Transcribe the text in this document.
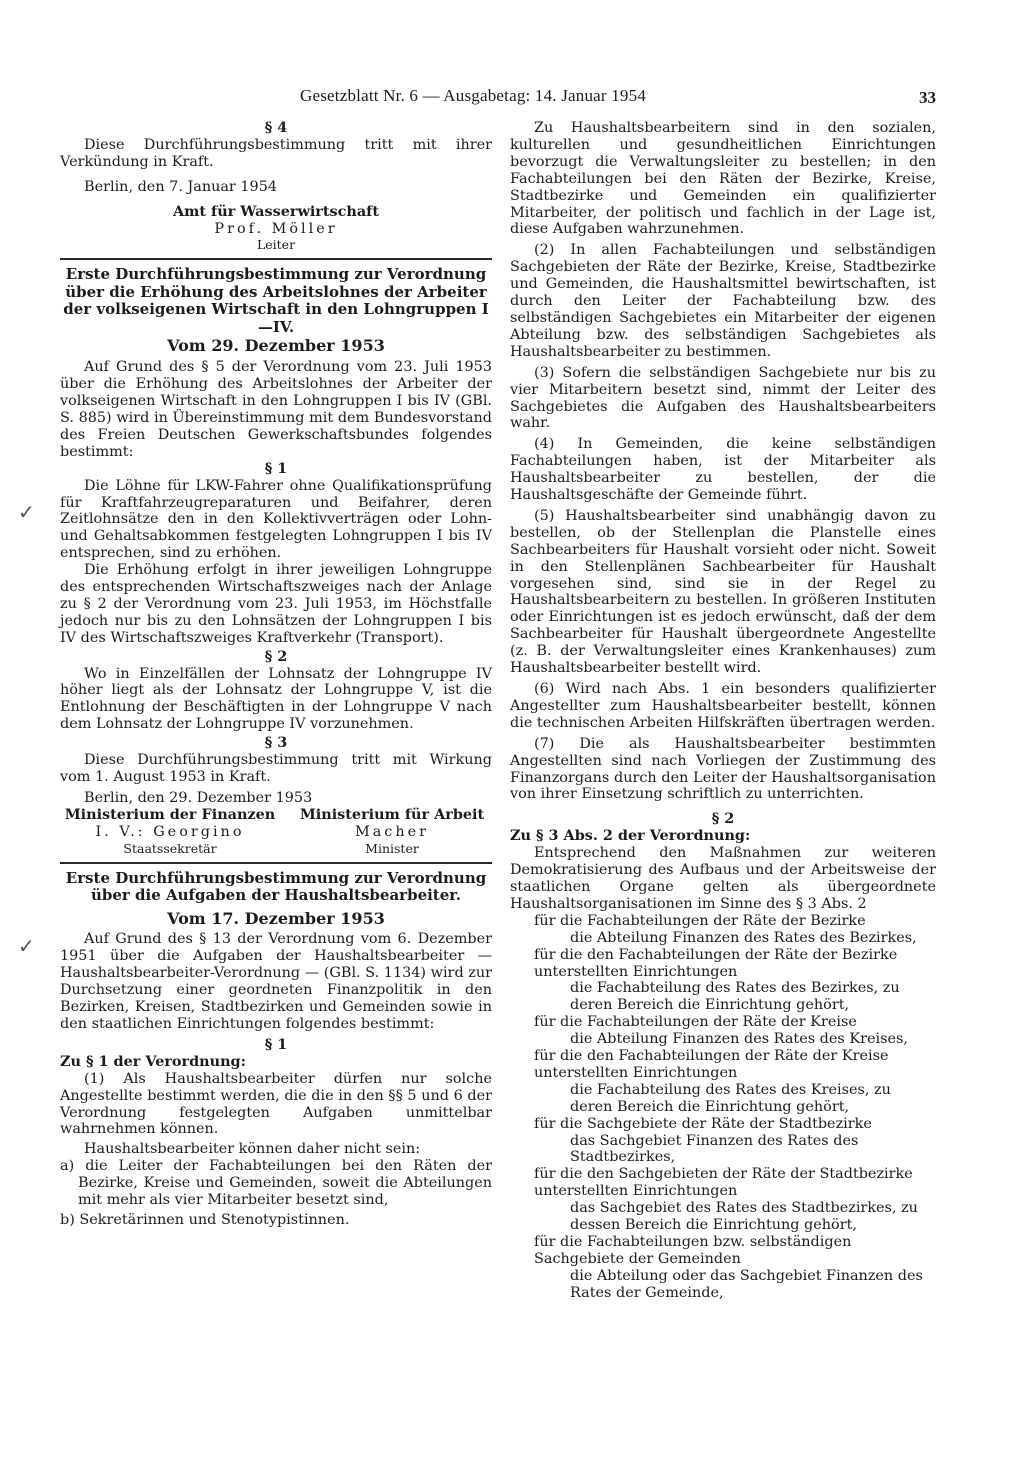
Gesetzblatt Nr. 6 — Ausgabetag: 14. Januar 1954	33
✓
✓

§ 4

Diese Durchführungsbestimmung tritt mit ihrer Verkündung in Kraft.

Berlin, den 7. Januar 1954

Amt für Wasserwirtschaft

Prof. Möller

Leiter

Erste Durchführungsbestimmung zur Verordnung über die Erhöhung des Arbeitslohnes der Arbeiter der volkseigenen Wirtschaft in den Lohngruppen I—IV.

Vom 29. Dezember 1953

Auf Grund des § 5 der Verordnung vom 23. Juli 1953 über die Erhöhung des Arbeitslohnes der Arbeiter der volkseigenen Wirtschaft in den Lohngruppen I bis IV (GBl. S. 885) wird in Übereinstimmung mit dem Bundesvorstand des Freien Deutschen Gewerkschaftsbundes folgendes bestimmt:

§ 1

Die Löhne für LKW-Fahrer ohne Qualifikationsprüfung für Kraftfahrzeugreparaturen und Beifahrer, deren Zeitlohnsätze den in den Kollektivverträgen oder Lohn- und Gehaltsabkommen festgelegten Lohngruppen I bis IV entsprechen, sind zu erhöhen.

Die Erhöhung erfolgt in ihrer jeweiligen Lohngruppe des entsprechenden Wirtschaftszweiges nach der Anlage zu § 2 der Verordnung vom 23. Juli 1953, im Höchstfalle jedoch nur bis zu den Lohnsätzen der Lohngruppen I bis IV des Wirtschaftszweiges Kraftverkehr (Transport).

§ 2

Wo in Einzelfällen der Lohnsatz der Lohngruppe IV höher liegt als der Lohnsatz der Lohngruppe V, ist die Entlohnung der Beschäftigten in der Lohngruppe V nach dem Lohnsatz der Lohngruppe IV vorzunehmen.

§ 3

Diese Durchführungsbestimmung tritt mit Wirkung vom 1. August 1953 in Kraft.

Berlin, den 29. Dezember 1953

Ministerium der Finanzen

I. V.: Georgino

Staatssekretär

Ministerium für Arbeit

Macher

Minister

Erste Durchführungsbestimmung zur Verordnung über die Aufgaben der Haushaltsbearbeiter.

Vom 17. Dezember 1953

Auf Grund des § 13 der Verordnung vom 6. Dezember 1951 über die Aufgaben der Haushaltsbearbeiter — Haushaltsbearbeiter-Verordnung — (GBl. S. 1134) wird zur Durchsetzung einer geordneten Finanzpolitik in den Bezirken, Kreisen, Stadtbezirken und Gemeinden sowie in den staatlichen Einrichtungen folgendes bestimmt:

§ 1

Zu § 1 der Verordnung:

(1) Als Haushaltsbearbeiter dürfen nur solche Angestellte bestimmt werden, die die in den §§ 5 und 6 der Verordnung festgelegten Aufgaben unmittelbar wahrnehmen können.

Haushaltsbearbeiter können daher nicht sein:

a) die Leiter der Fachabteilungen bei den Räten der Bezirke, Kreise und Gemeinden, soweit die Abteilungen mit mehr als vier Mitarbeiter besetzt sind,

b) Sekretärinnen und Stenotypistinnen.

Zu Haushaltsbearbeitern sind in den sozialen, kulturellen und gesundheitlichen Einrichtungen bevorzugt die Verwaltungsleiter zu bestellen; in den Fachabteilungen bei den Räten der Bezirke, Kreise, Stadtbezirke und Gemeinden ein qualifizierter Mitarbeiter, der politisch und fachlich in der Lage ist, diese Aufgaben wahrzunehmen.

(2) In allen Fachabteilungen und selbständigen Sachgebieten der Räte der Bezirke, Kreise, Stadtbezirke und Gemeinden, die Haushaltsmittel bewirtschaften, ist durch den Leiter der Fachabteilung bzw. des selbständigen Sachgebietes ein Mitarbeiter der eigenen Abteilung bzw. des selbständigen Sachgebietes als Haushaltsbearbeiter zu bestimmen.

(3) Sofern die selbständigen Sachgebiete nur bis zu vier Mitarbeitern besetzt sind, nimmt der Leiter des Sachgebietes die Aufgaben des Haushaltsbearbeiters wahr.

(4) In Gemeinden, die keine selbständigen Fachabteilungen haben, ist der Mitarbeiter als Haushaltsbearbeiter zu bestellen, der die Haushaltsgeschäfte der Gemeinde führt.

(5) Haushaltsbearbeiter sind unabhängig davon zu bestellen, ob der Stellenplan die Planstelle eines Sachbearbeiters für Haushalt vorsieht oder nicht. Soweit in den Stellenplänen Sachbearbeiter für Haushalt vorgesehen sind, sind sie in der Regel zu Haushaltsbearbeitern zu bestellen. In größeren Instituten oder Einrichtungen ist es jedoch erwünscht, daß der dem Sachbearbeiter für Haushalt übergeordnete Angestellte (z. B. der Verwaltungsleiter eines Krankenhauses) zum Haushaltsbearbeiter bestellt wird.

(6) Wird nach Abs. 1 ein besonders qualifizierter Angestellter zum Haushaltsbearbeiter bestellt, können die technischen Arbeiten Hilfskräften übertragen werden.

(7) Die als Haushaltsbearbeiter bestimmten Angestellten sind nach Vorliegen der Zustimmung des Finanzorgans durch den Leiter der Haushaltsorganisation von ihrer Einsetzung schriftlich zu unterrichten.

§ 2

Zu § 3 Abs. 2 der Verordnung:

Entsprechend den Maßnahmen zur weiteren Demokratisierung des Aufbaus und der Arbeitsweise der staatlichen Organe gelten als übergeordnete Haushaltsorganisationen im Sinne des § 3 Abs. 2

für die Fachabteilungen der Räte der Bezirke

die Abteilung Finanzen des Rates des Bezirkes,

für die den Fachabteilungen der Räte der Bezirke unterstellten Einrichtungen

die Fachabteilung des Rates des Bezirkes, zu deren Bereich die Einrichtung gehört,

für die Fachabteilungen der Räte der Kreise

die Abteilung Finanzen des Rates des Kreises,

für die den Fachabteilungen der Räte der Kreise unterstellten Einrichtungen

die Fachabteilung des Rates des Kreises, zu deren Bereich die Einrichtung gehört,

für die Sachgebiete der Räte der Stadtbezirke

das Sachgebiet Finanzen des Rates des Stadtbezirkes,

für die den Sachgebieten der Räte der Stadtbezirke unterstellten Einrichtungen

das Sachgebiet des Rates des Stadtbezirkes, zu dessen Bereich die Einrichtung gehört,

für die Fachabteilungen bzw. selbständigen Sachgebiete der Gemeinden

die Abteilung oder das Sachgebiet Finanzen des Rates der Gemeinde,
